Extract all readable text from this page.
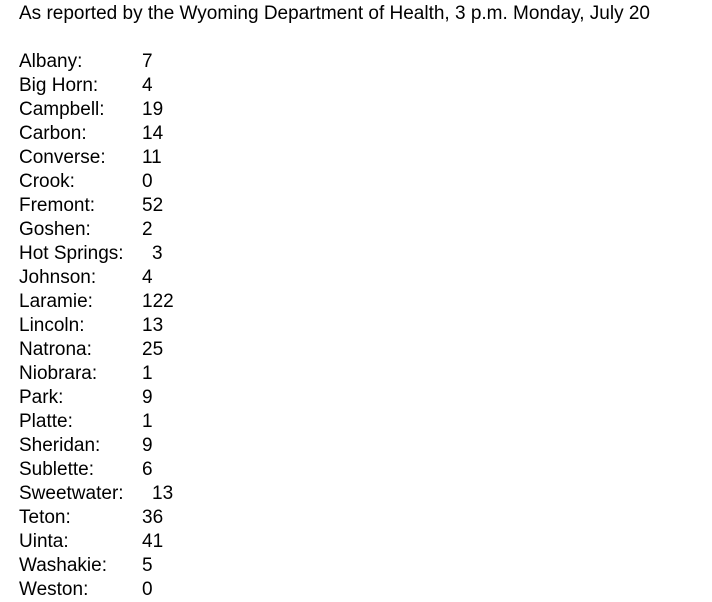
As reported by the Wyoming Department of Health, 3 p.m. Monday, July 20

Albany:	7
Big Horn: 4
Campbell: 19
Carbon:	14
Converse: 11
Crook:	0
Fremont: 52
Goshen:	2
Hot Springs: 3
Johnson: 4
Laramie:	122
Lincoln:	13
Natrona:	25
Niobrara: 1
Park:	9
Platte:	1
Sheridan: 9
Sublette:	6
Sweetwater: 13
Teton:	36
Uinta:	41
Washakie: 5
Weston:	0
